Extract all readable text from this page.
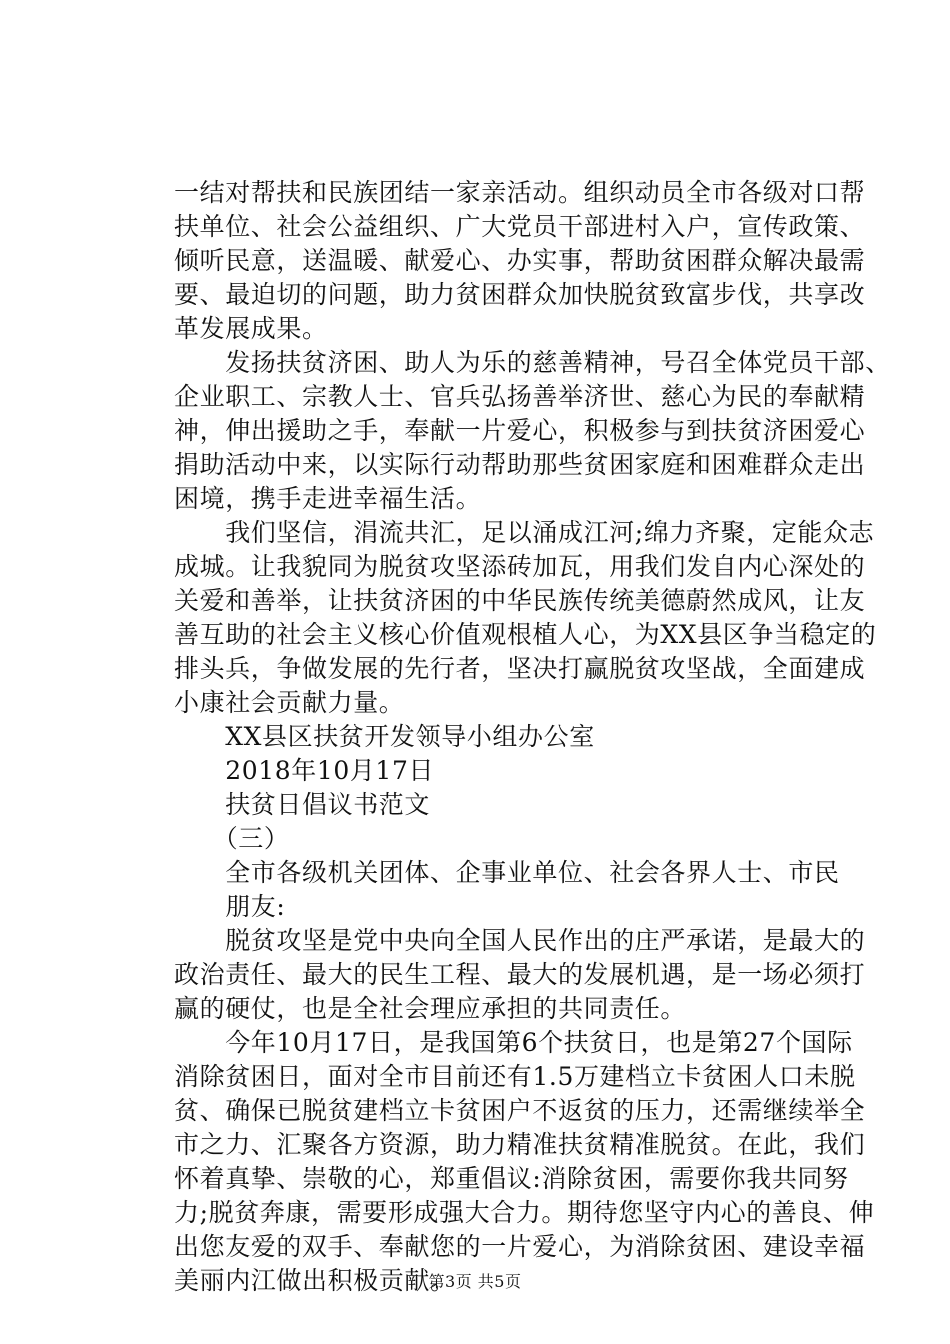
一结对帮扶和民族团结一家亲活动。组织动员全市各级对口帮
扶单位、社会公益组织、广大党员干部进村入户，宣传政策、
倾听民意，送温暖、献爱心、办实事，帮助贫困群众解决最需
要、最迫切的问题，助力贫困群众加快脱贫致富步伐，共享改
革发展成果。
　　发扬扶贫济困、助人为乐的慈善精神，号召全体党员干部、
企业职工、宗教人士、官兵弘扬善举济世、慈心为民的奉献精
神，伸出援助之手，奉献一片爱心，积极参与到扶贫济困爱心
捐助活动中来，以实际行动帮助那些贫困家庭和困难群众走出
困境，携手走进幸福生活。
　　我们坚信，涓流共汇，足以涌成江河;绵力齐聚，定能众志
成城。让我貌同为脱贫攻坚添砖加瓦，用我们发自内心深处的
关爱和善举，让扶贫济困的中华民族传统美德蔚然成风，让友
善互助的社会主义核心价值观根植人心，为XX县区争当稳定的
排头兵，争做发展的先行者，坚决打赢脱贫攻坚战，全面建成
小康社会贡献力量。
　　XX县区扶贫开发领导小组办公室
　　2018年10月17日
　　扶贫日倡议书范文
　　（三）
　　全市各级机关团体、企事业单位、社会各界人士、市民
　　朋友:
　　脱贫攻坚是党中央向全国人民作出的庄严承诺，是最大的
政治责任、最大的民生工程、最大的发展机遇，是一场必须打
赢的硬仗，也是全社会理应承担的共同责任。
　　今年10月17日，是我国第6个扶贫日，也是第27个国际
消除贫困日，面对全市目前还有1.5万建档立卡贫困人口未脱
贫、确保已脱贫建档立卡贫困户不返贫的压力，还需继续举全
市之力、汇聚各方资源，助力精准扶贫精准脱贫。在此，我们
怀着真挚、崇敬的心，郑重倡议:消除贫困，需要你我共同努
力;脱贫奔康，需要形成强大合力。期待您坚守内心的善良、伸
出您友爱的双手、奉献您的一片爱心，为消除贫困、建设幸福
美丽内江做出积极贡献。
第3页 共5页
